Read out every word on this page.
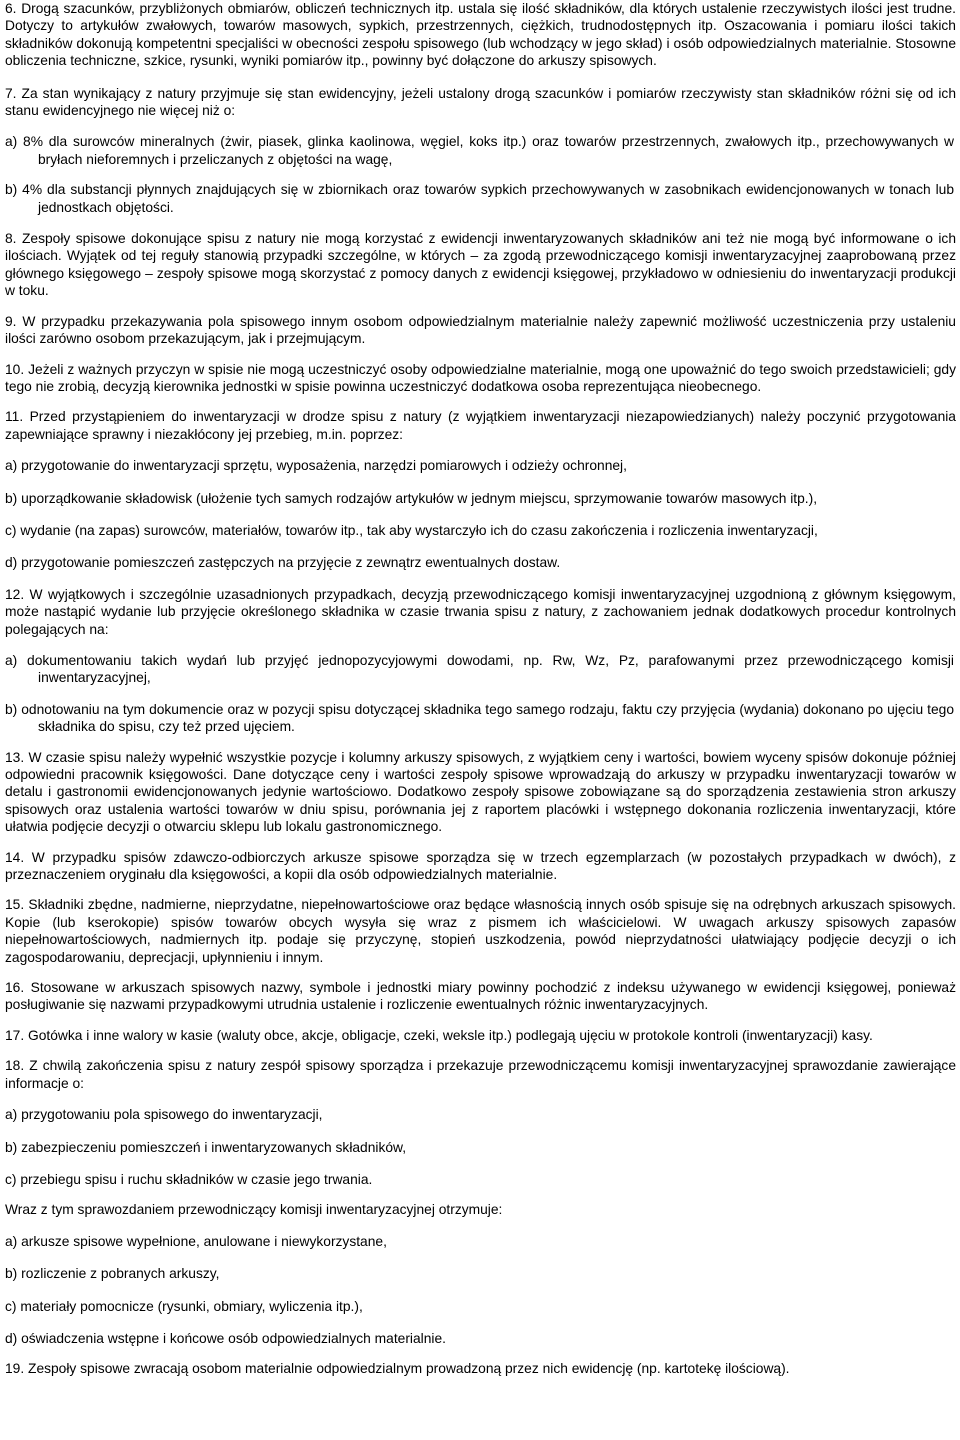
6. Drogą szacunków, przybliżonych obmiarów, obliczeń technicznych itp. ustala się ilość składników, dla których ustalenie rzeczywistych ilości jest trudne. Dotyczy to artykułów zwałowych, towarów masowych, sypkich, przestrzennych, ciężkich, trudnodostępnych itp. Oszacowania i pomiaru ilości takich składników dokonują kompetentni specjaliści w obecności zespołu spisowego (lub wchodzący w jego skład) i osób odpowiedzialnych materialnie. Stosowne obliczenia techniczne, szkice, rysunki, wyniki pomiarów itp., powinny być dołączone do arkuszy spisowych.

7. Za stan wynikający z natury przyjmuje się stan ewidencyjny, jeżeli ustalony drogą szacunków i pomiarów rzeczywisty stan składników różni się od ich stanu ewidencyjnego nie więcej niż o:

a) 8% dla surowców mineralnych (żwir, piasek, glinka kaolinowa, węgiel, koks itp.) oraz towarów przestrzennych, zwałowych itp., przechowywanych w bryłach nieforemnych i przeliczanych z objętości na wagę,

b) 4% dla substancji płynnych znajdujących się w zbiornikach oraz towarów sypkich przechowywanych w zasobnikach ewidencjonowanych w tonach lub jednostkach objętości.

8. Zespoły spisowe dokonujące spisu z natury nie mogą korzystać z ewidencji inwentaryzowanych składników ani też nie mogą być informowane o ich ilościach. Wyjątek od tej reguły stanowią przypadki szczególne, w których – za zgodą przewodniczącego komisji inwentaryzacyjnej zaaprobowaną przez głównego księgowego – zespoły spisowe mogą skorzystać z pomocy danych z ewidencji księgowej, przykładowo w odniesieniu do inwentaryzacji produkcji w toku.

9. W przypadku przekazywania pola spisowego innym osobom odpowiedzialnym materialnie należy zapewnić możliwość uczestniczenia przy ustaleniu ilości zarówno osobom przekazującym, jak i przejmującym.

10. Jeżeli z ważnych przyczyn w spisie nie mogą uczestniczyć osoby odpowiedzialne materialnie, mogą one upoważnić do tego swoich przedstawicieli; gdy tego nie zrobią, decyzją kierownika jednostki w spisie powinna uczestniczyć dodatkowa osoba reprezentująca nieobecnego.

11. Przed przystąpieniem do inwentaryzacji w drodze spisu z natury (z wyjątkiem inwentaryzacji niezapowiedzianych) należy poczynić przygotowania zapewniające sprawny i niezakłócony jej przebieg, m.in. poprzez:

a) przygotowanie do inwentaryzacji sprzętu, wyposażenia, narzędzi pomiarowych i odzieży ochronnej,

b) uporządkowanie składowisk (ułożenie tych samych rodzajów artykułów w jednym miejscu, sprzymowanie towarów masowych itp.),

c) wydanie (na zapas) surowców, materiałów, towarów itp., tak aby wystarczyło ich do czasu zakończenia i rozliczenia inwentaryzacji,

d) przygotowanie pomieszczeń zastępczych na przyjęcie z zewnątrz ewentualnych dostaw.

12. W wyjątkowych i szczególnie uzasadnionych przypadkach, decyzją przewodniczącego komisji inwentaryzacyjnej uzgodnioną z głównym księgowym, może nastąpić wydanie lub przyjęcie określonego składnika w czasie trwania spisu z natury, z zachowaniem jednak dodatkowych procedur kontrolnych polegających na:

a) dokumentowaniu takich wydań lub przyjęć jednopozycyjowymi dowodami, np. Rw, Wz, Pz, parafowanymi przez przewodniczącego komisji inwentaryzacyjnej,

b) odnotowaniu na tym dokumencie oraz w pozycji spisu dotyczącej składnika tego samego rodzaju, faktu czy przyjęcia (wydania) dokonano po ujęciu tego składnika do spisu, czy też przed ujęciem.

13. W czasie spisu należy wypełnić wszystkie pozycje i kolumny arkuszy spisowych, z wyjątkiem ceny i wartości, bowiem wyceny spisów dokonuje później odpowiedni pracownik księgowości. Dane dotyczące ceny i wartości zespoły spisowe wprowadzają do arkuszy w przypadku inwentaryzacji towarów w detalu i gastronomii ewidencjonowanych jedynie wartościowo. Dodatkowo zespoły spisowe zobowiązane są do sporządzenia zestawienia stron arkuszy spisowych oraz ustalenia wartości towarów w dniu spisu, porównania jej z raportem placówki i wstępnego dokonania rozliczenia inwentaryzacji, które ułatwia podjęcie decyzji o otwarciu sklepu lub lokalu gastronomicznego.

14. W przypadku spisów zdawczo-odbiorczych arkusze spisowe sporządza się w trzech egzemplarzach (w pozostałych przypadkach w dwóch), z przeznaczeniem oryginału dla księgowości, a kopii dla osób odpowiedzialnych materialnie.

15. Składniki zbędne, nadmierne, nieprzydatne, niepełnowartościowe oraz będące własnością innych osób spisuje się na odrębnych arkuszach spisowych. Kopie (lub kserokopie) spisów towarów obcych wysyła się wraz z pismem ich właścicielowi. W uwagach arkuszy spisowych zapasów niepełnowartościowych, nadmiernych itp. podaje się przyczynę, stopień uszkodzenia, powód nieprzydatności ułatwiający podjęcie decyzji o ich zagospodarowaniu, deprecjacji, upłynnieniu i innym.

16. Stosowane w arkuszach spisowych nazwy, symbole i jednostki miary powinny pochodzić z indeksu używanego w ewidencji księgowej, ponieważ posługiwanie się nazwami przypadkowymi utrudnia ustalenie i rozliczenie ewentualnych różnic inwentaryzacyjnych.

17. Gotówka i inne walory w kasie (waluty obce, akcje, obligacje, czeki, weksle itp.) podlegają ujęciu w protokole kontroli (inwentaryzacji) kasy.

18. Z chwilą zakończenia spisu z natury zespół spisowy sporządza i przekazuje przewodniczącemu komisji inwentaryzacyjnej sprawozdanie zawierające informacje o:

a) przygotowaniu pola spisowego do inwentaryzacji,

b) zabezpieczeniu pomieszczeń i inwentaryzowanych składników,

c) przebiegu spisu i ruchu składników w czasie jego trwania.

Wraz z tym sprawozdaniem przewodniczący komisji inwentaryzacyjnej otrzymuje:

a) arkusze spisowe wypełnione, anulowane i niewykorzystane,

b) rozliczenie z pobranych arkuszy,

c) materiały pomocnicze (rysunki, obmiary, wyliczenia itp.),

d) oświadczenia wstępne i końcowe osób odpowiedzialnych materialnie.

19. Zespoły spisowe zwracają osobom materialnie odpowiedzialnym prowadzoną przez nich ewidencję (np. kartotekę ilościową).
